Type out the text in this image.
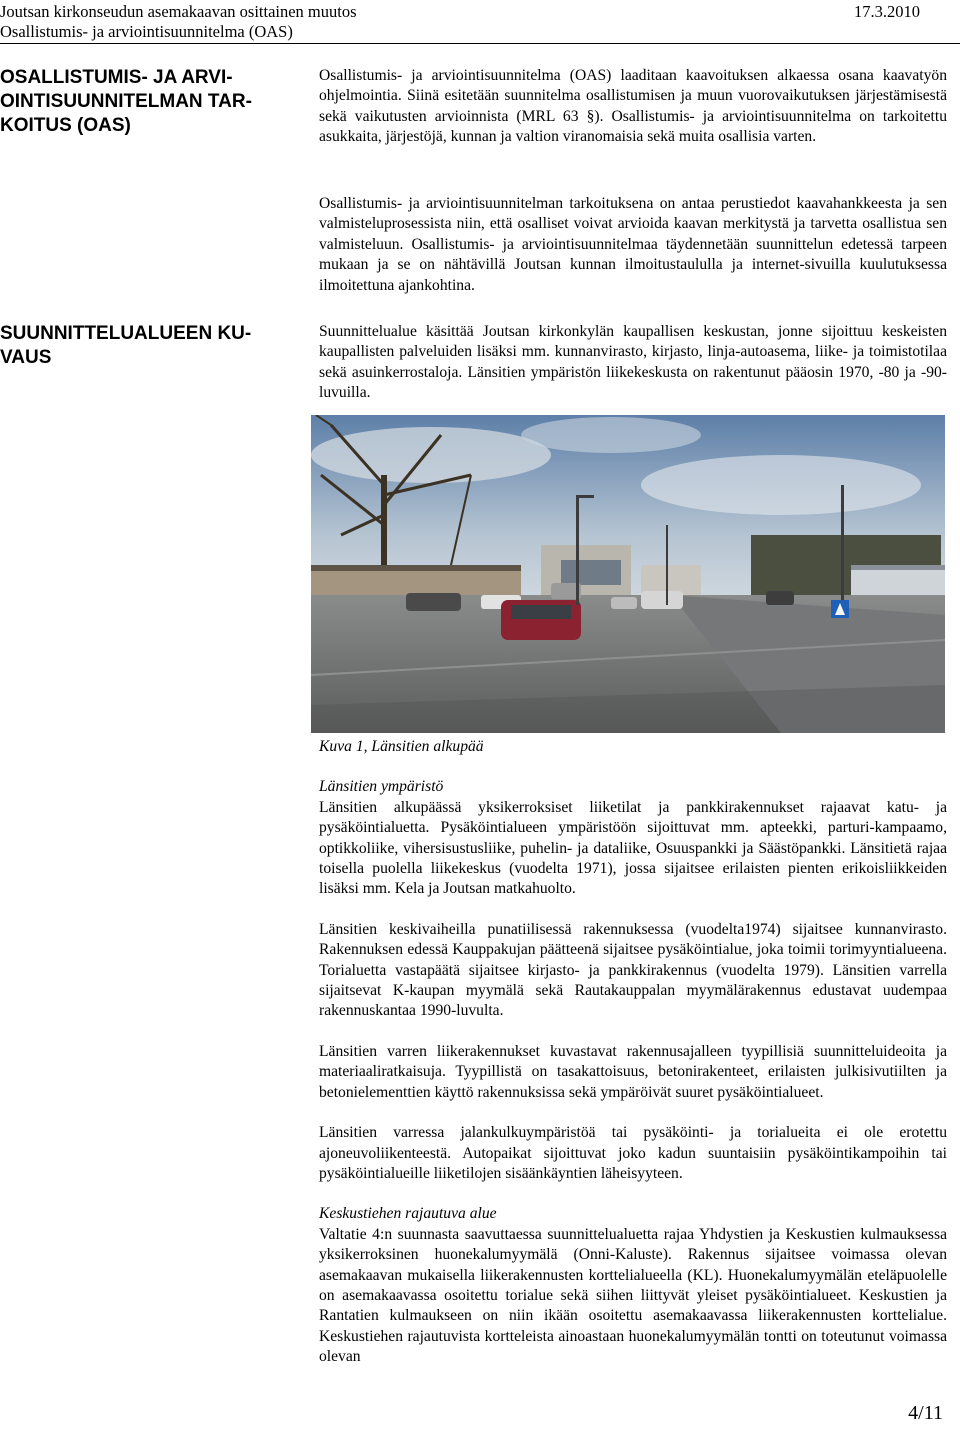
Joutsan kirkonseudun asemakaavan osittainen muutos	17.3.2010
Osallistumis- ja arviointisuunnitelma (OAS)
OSALLISTUMIS- JA ARVI-
OINTISUUNNITELMAN TAR-
KOITUS (OAS)
Osallistumis- ja arviointisuunnitelma (OAS) laaditaan kaavoituksen alkaessa osana kaavatyön ohjelmointia. Siinä esitetään suunnitelma osallistumisen ja muun vuorovaikutuksen järjestämisestä sekä vaikutusten arvioinnista (MRL 63 §). Osallistumis- ja arviointisuunnitelma on tarkoitettu asukkaita, järjestöjä, kunnan ja valtion viranomaisia sekä muita osallisia varten.
Osallistumis- ja arviointisuunnitelman tarkoituksena on antaa perustiedot kaavahankkeesta ja sen valmisteluprosessista niin, että osalliset voivat arvioida kaavan merkitystä ja tarvetta osallistua sen valmisteluun. Osallistumis- ja arviointisuunnitelmaa täydennetään suunnittelun edetessä tarpeen mukaan ja se on nähtävillä Joutsan kunnan ilmoitustaululla ja internet-sivuilla kuulutuksessa ilmoitettuna ajankohtina.
SUUNNITTELUALUEEN KU-
VAUS
Suunnittelualue käsittää Joutsan kirkonkylän kaupallisen keskustan, jonne sijoittuu keskeisten kaupallisten palveluiden lisäksi mm. kunnanvirasto, kirjasto, linja-autoasema, liike- ja toimistotilaa sekä asuinkerrostaloja. Länsitien ympäristön liikekeskusta on rakentunut pääosin 1970, -80 ja -90-luvuilla.

Kuva 1, Länsitien alkupää

Länsitien ympäristö

Länsitien alkupäässä yksikerroksiset liiketilat ja pankkirakennukset rajaavat katu- ja pysäköintialuetta. Pysäköintialueen ympäristöön sijoittuvat mm. apteekki, parturi-kampaamo, optikkoliike, vihersisustusliike, puhelin- ja dataliike, Osuuspankki ja Säästöpankki. Länsitietä rajaa toisella puolella liikekeskus (vuodelta 1971), jossa sijaitsee erilaisten pienten erikoisliikkeiden lisäksi mm. Kela ja Joutsan matkahuolto.

Länsitien keskivaiheilla punatiilisessä rakennuksessa (vuodelta1974) sijaitsee kunnanvirasto. Rakennuksen edessä Kauppakujan päätteenä sijaitsee pysäköintialue, joka toimii torimyyntialueena. Torialuetta vastapäätä sijaitsee kirjasto- ja pankkirakennus (vuodelta 1979). Länsitien varrella sijaitsevat K-kaupan myymälä sekä Rautakauppalan myymälärakennus edustavat uudempaa rakennuskantaa 1990-luvulta.

Länsitien varren liikerakennukset kuvastavat rakennusajalleen tyypillisiä suunnitteluideoita ja materiaaliratkaisuja. Tyypillistä on tasakattoisuus, betonirakenteet, erilaisten julkisivutiilten ja betonielementtien käyttö rakennuksissa sekä ympäröivät suuret pysäköintialueet.

Länsitien varressa jalankulkuympäristöä tai pysäköinti- ja torialueita ei ole erotettu ajoneuvoliikenteestä. Autopaikat sijoittuvat joko kadun suuntaisiin pysäköintikampoihin tai pysäköintialueille liiketilojen sisäänkäyntien läheisyyteen.

Keskustiehen rajautuva alue

Valtatie 4:n suunnasta saavuttaessa suunnittelualuetta rajaa Yhdystien ja Keskustien kulmauksessa yksikerroksinen huonekalumyymälä (Onni-Kaluste). Rakennus sijaitsee voimassa olevan asemakaavan mukaisella liikerakennusten korttelialueella (KL). Huonekalumyymälän eteläpuolelle on asemakaavassa osoitettu torialue sekä siihen liittyvät yleiset pysäköintialueet. Keskustien ja Rantatien kulmaukseen on niin ikään osoitettu asemakaavassa liikerakennusten korttelialue. Keskustiehen rajautuvista kortteleista ainoastaan huonekalumyymälän tontti on toteutunut voimassa olevan

4/11
